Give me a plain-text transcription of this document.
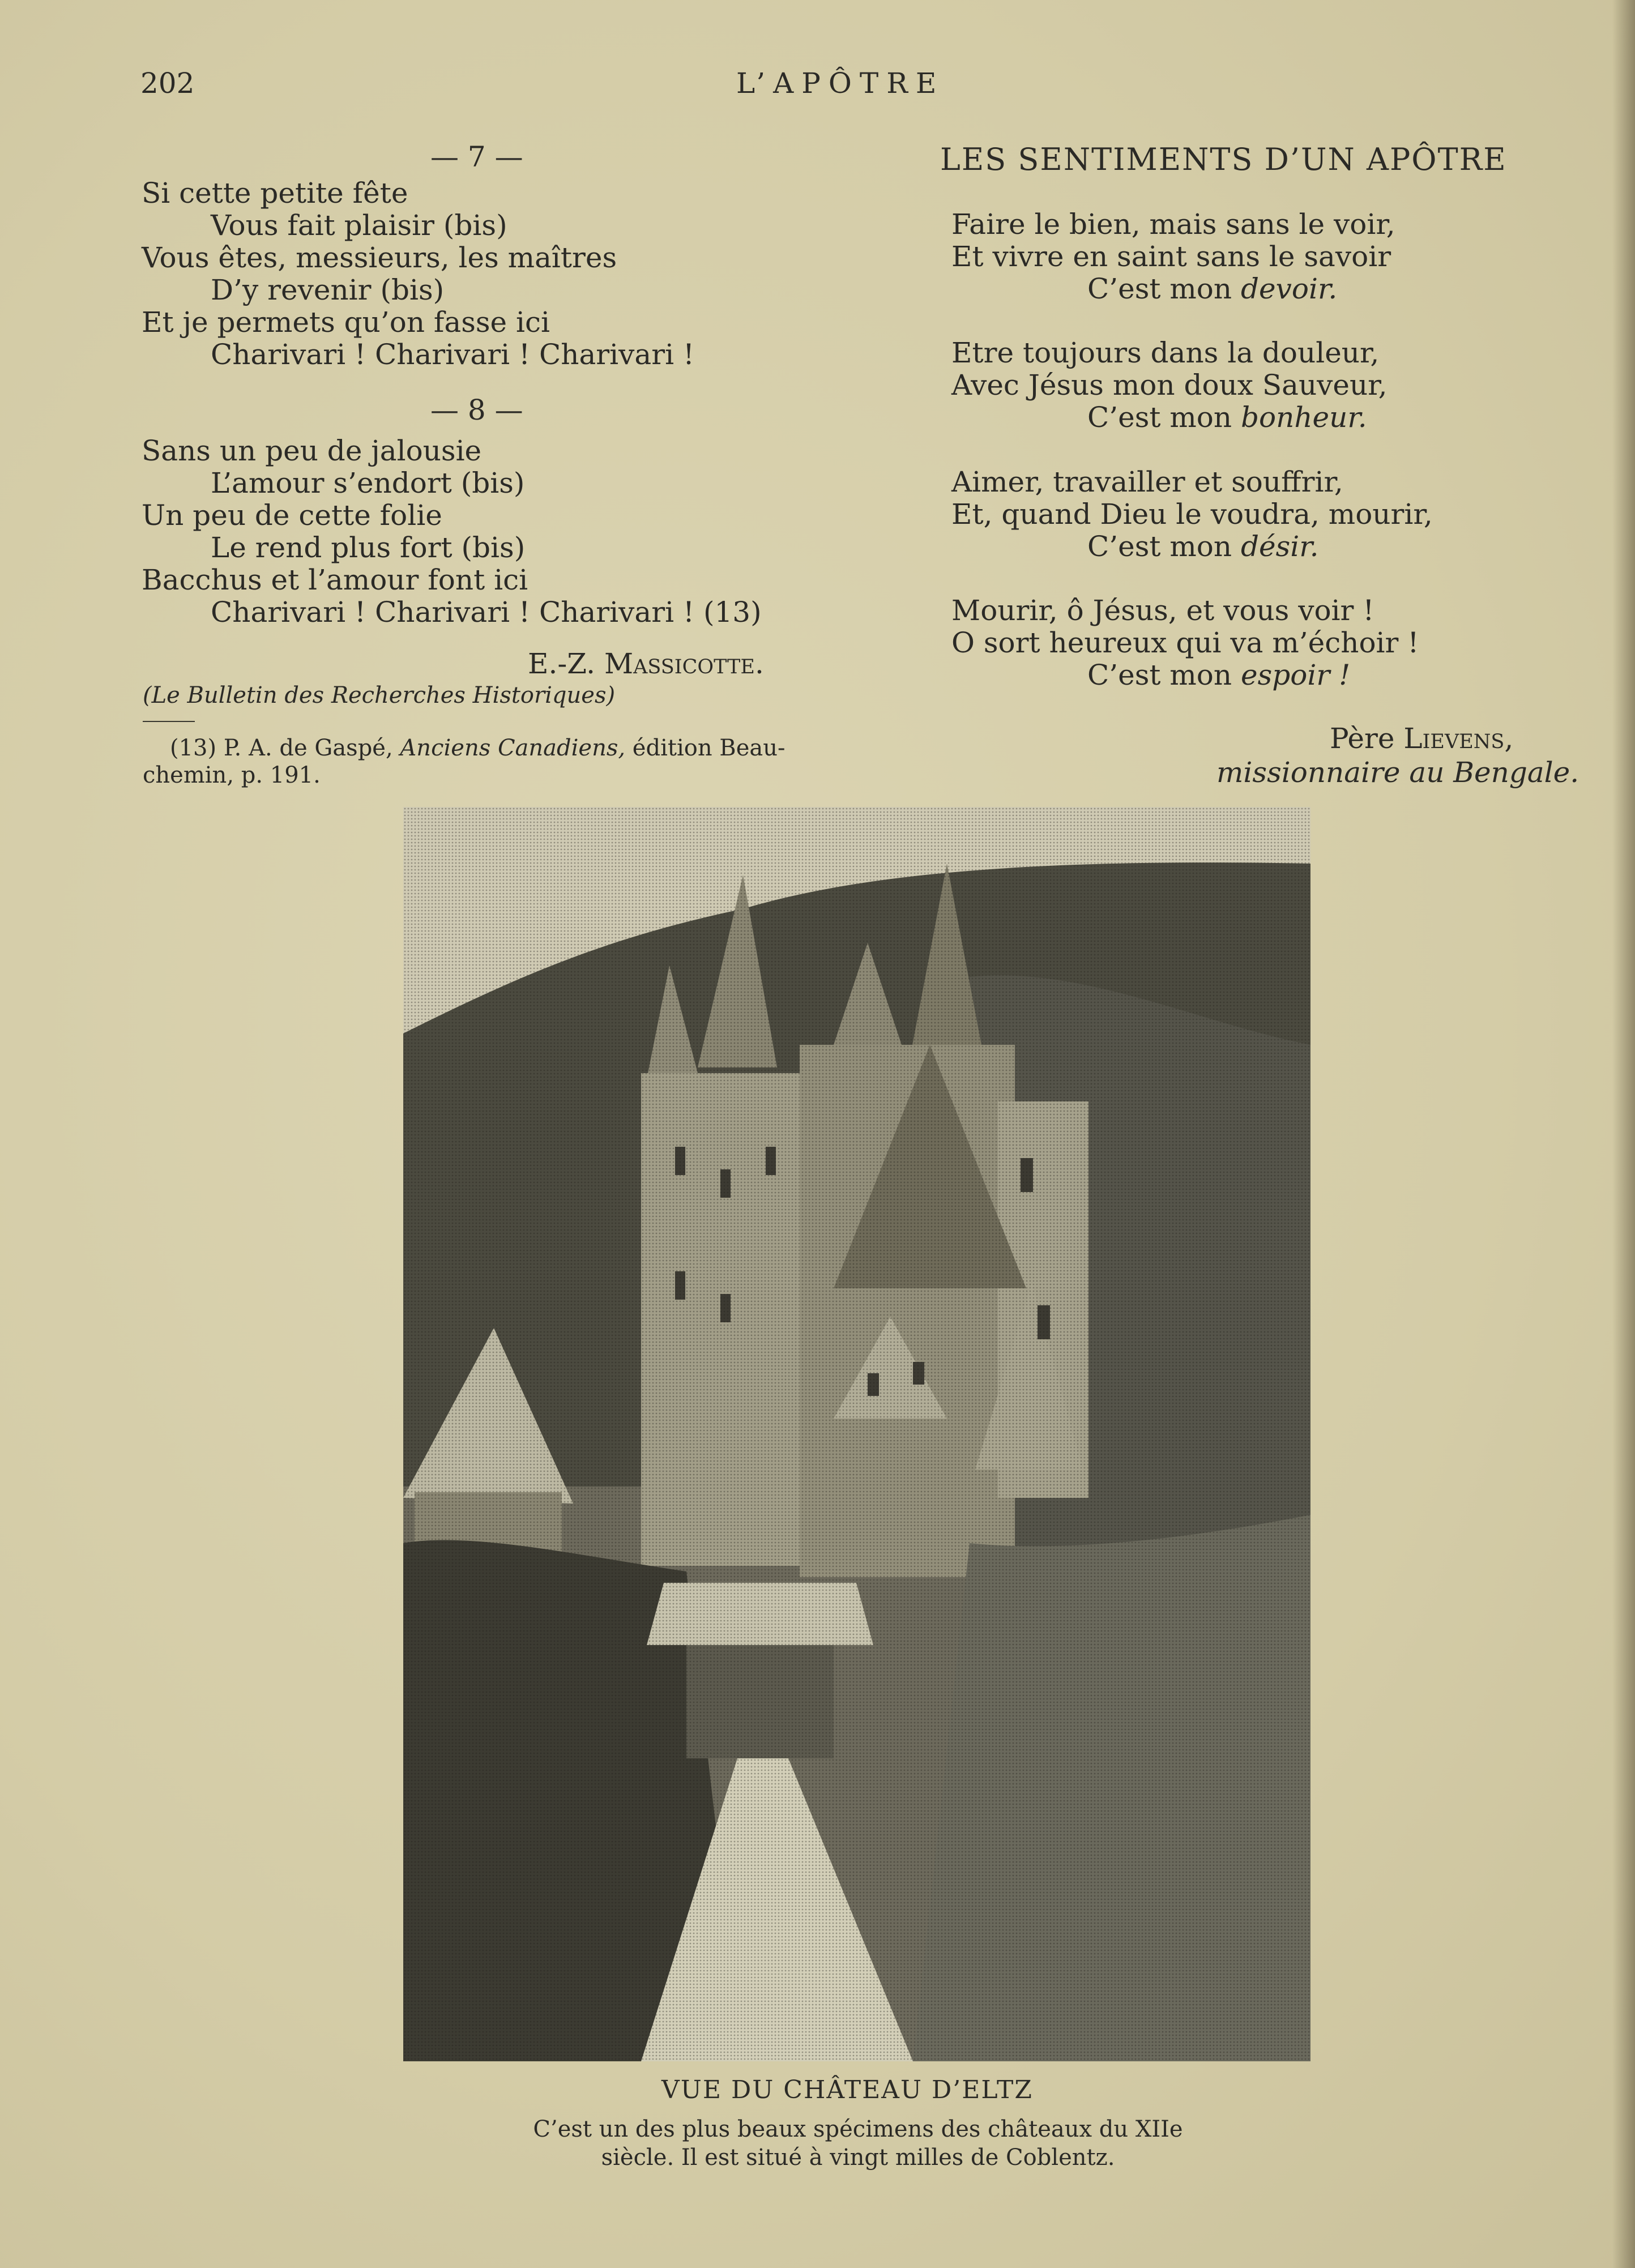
202	L’APÔTRE
— 7 —
Si cette petite fête
Vous fait plaisir (bis)
Vous êtes, messieurs, les maîtres
D’y revenir (bis)
Et je permets qu’on fasse ici
Charivari ! Charivari ! Charivari !
— 8 —
Sans un peu de jalousie
L’amour s’endort (bis)
Un peu de cette folie
Le rend plus fort (bis)
Bacchus et l’amour font ici
Charivari ! Charivari ! Charivari ! (13)
E.-Z. Massicotte.
(Le Bulletin des Recherches Historiques)
(13) P. A. de Gaspé, Anciens Canadiens, édition Beau-
chemin, p. 191.
LES SENTIMENTS D’UN APÔTRE
Faire le bien, mais sans le voir,
Et vivre en saint sans le savoir
C’est mon devoir.
Etre toujours dans la douleur,
Avec Jésus mon doux Sauveur,
C’est mon bonheur.
Aimer, travailler et souffrir,
Et, quand Dieu le voudra, mourir,
C’est mon désir.
Mourir, ô Jésus, et vous voir !
O sort heureux qui va m’échoir !
C’est mon espoir !
Père Lievens,
missionnaire au Bengale.
VUE DU CHÂTEAU D’ELTZ
C’est un des plus beaux spécimens des châteaux du XIIe
siècle. Il est situé à vingt milles de Coblentz.
